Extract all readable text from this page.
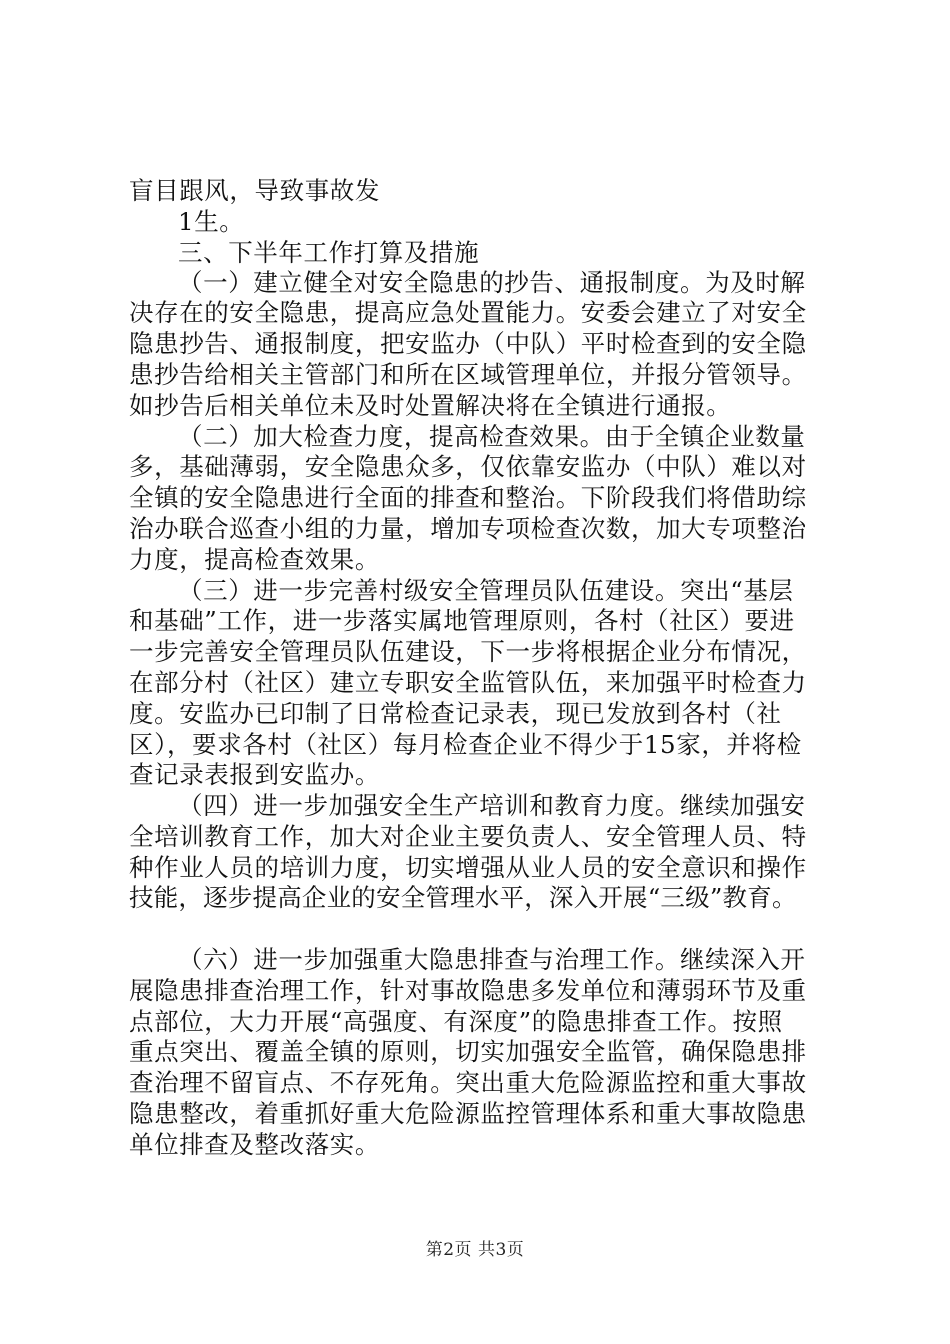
盲目跟风，导致事故发
1生。
三、下半年工作打算及措施
（一）建立健全对安全隐患的抄告、通报制度。为及时解
决存在的安全隐患，提高应急处置能力。安委会建立了对安全
隐患抄告、通报制度，把安监办（中队）平时检查到的安全隐
患抄告给相关主管部门和所在区域管理单位，并报分管领导。
如抄告后相关单位未及时处置解决将在全镇进行通报。
（二）加大检查力度，提高检查效果。由于全镇企业数量
多，基础薄弱，安全隐患众多，仅依靠安监办（中队）难以对
全镇的安全隐患进行全面的排查和整治。下阶段我们将借助综
治办联合巡查小组的力量，增加专项检查次数，加大专项整治
力度，提高检查效果。
（三）进一步完善村级安全管理员队伍建设。突出“基层
和基础”工作，进一步落实属地管理原则，各村（社区）要进
一步完善安全管理员队伍建设，下一步将根据企业分布情况，
在部分村（社区）建立专职安全监管队伍，来加强平时检查力
度。安监办已印制了日常检查记录表，现已发放到各村（社
区），要求各村（社区）每月检查企业不得少于15家，并将检
查记录表报到安监办。
（四）进一步加强安全生产培训和教育力度。继续加强安
全培训教育工作，加大对企业主要负责人、安全管理人员、特
种作业人员的培训力度，切实增强从业人员的安全意识和操作
技能，逐步提高企业的安全管理水平，深入开展“三级”教育。
（六）进一步加强重大隐患排查与治理工作。继续深入开
展隐患排查治理工作，针对事故隐患多发单位和薄弱环节及重
点部位，大力开展“高强度、有深度”的隐患排查工作。按照
重点突出、覆盖全镇的原则，切实加强安全监管，确保隐患排
查治理不留盲点、不存死角。突出重大危险源监控和重大事故
隐患整改，着重抓好重大危险源监控管理体系和重大事故隐患
单位排查及整改落实。
第2页 共3页
